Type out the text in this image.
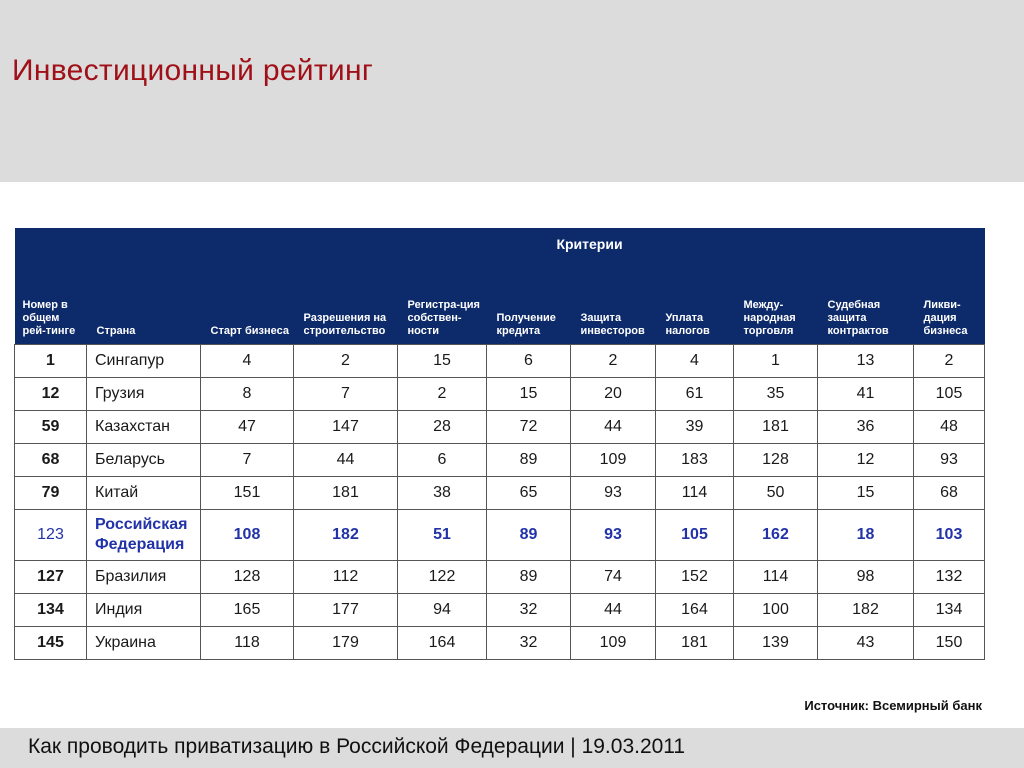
Инвестиционный рейтинг
Критерии										
Номер в общем рей-тинге	Страна	Старт бизнеса	Разрешения на строительство	Регистра-ция собствен-ности	Получение кредита	Защита инвесторов	Уплата налогов	Между-народная торговля	Судебная защита контрактов	Ликви-дация бизнеса
1	Сингапур	4	2	15	6	2	4	1	13	2
12	Грузия	8	7	2	15	20	61	35	41	105
59	Казахстан	47	147	28	72	44	39	181	36	48
68	Беларусь	7	44	6	89	109	183	128	12	93
79	Китай	151	181	38	65	93	114	50	15	68
123	Российская Федерация	108	182	51	89	93	105	162	18	103
127	Бразилия	128	112	122	89	74	152	114	98	132
134	Индия	165	177	94	32	44	164	100	182	134
145	Украина	118	179	164	32	109	181	139	43	150
Источник: Всемирный банк
Как проводить приватизацию в Российской Федерации | 19.03.2011
